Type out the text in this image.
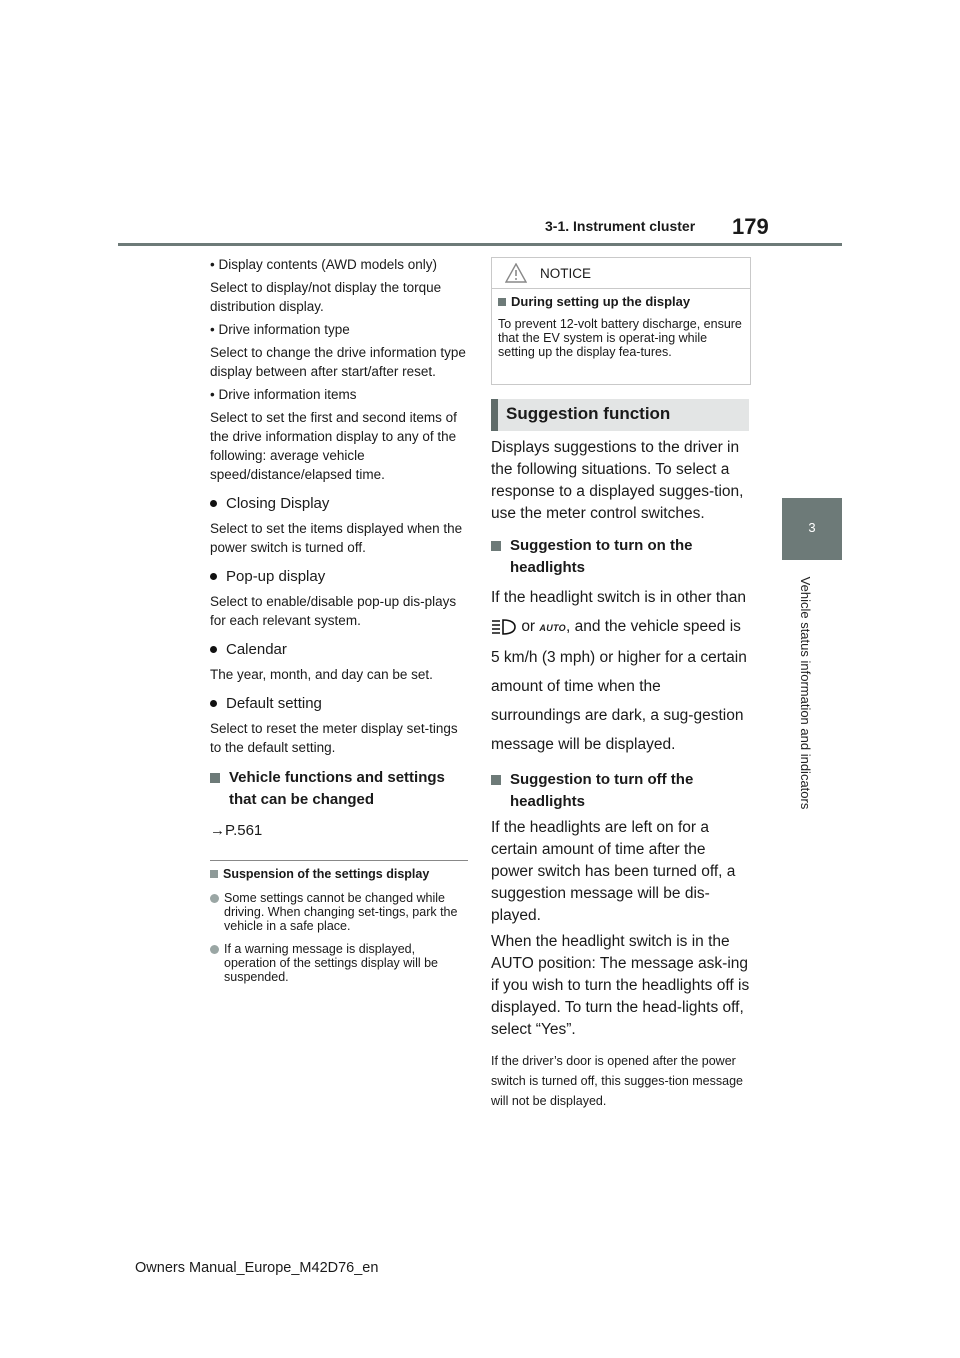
3-1. Instrument cluster 179
3
Vehicle status information and indicators

• Display contents (AWD models only)

Select to display/not display the torque distribution display.

• Drive information type

Select to change the drive information type display between after start/after reset.

• Drive information items

Select to set the first and second items of the drive information display to any of the following: average vehicle speed/distance/elapsed time.

Closing Display

Select to set the items displayed when the power switch is turned off.

Pop-up display

Select to enable/disable pop-up dis-plays for each relevant system.

Calendar

The year, month, and day can be set.

Default setting

Select to reset the meter display set-tings to the default setting.

Vehicle functions and settings that can be changed

→P.561

Suspension of the settings display
Some settings cannot be changed while driving. When changing set-tings, park the vehicle in a safe place.
If a warning message is displayed, operation of the settings display will be suspended.
NOTICE
During setting up the display
To prevent 12-volt battery discharge, ensure that the EV system is operat-ing while setting up the display fea-tures.
Suggestion function

Displays suggestions to the driver in the following situations. To select a response to a displayed sugges-tion, use the meter control switches.

Suggestion to turn on the headlights

If the headlight switch is in other than  or AUTO, and the vehicle speed is 5 km/h (3 mph) or higher for a certain amount of time when the surroundings are dark, a sug-gestion message will be displayed.

Suggestion to turn off the headlights

If the headlights are left on for a certain amount of time after the power switch has been turned off, a suggestion message will be dis-played.

When the headlight switch is in the AUTO position: The message ask-ing if you wish to turn the headlights off is displayed. To turn the head-lights off, select “Yes”.

If the driver’s door is opened after the power switch is turned off, this sugges-tion message will not be displayed.

Owners Manual_Europe_M42D76_en
